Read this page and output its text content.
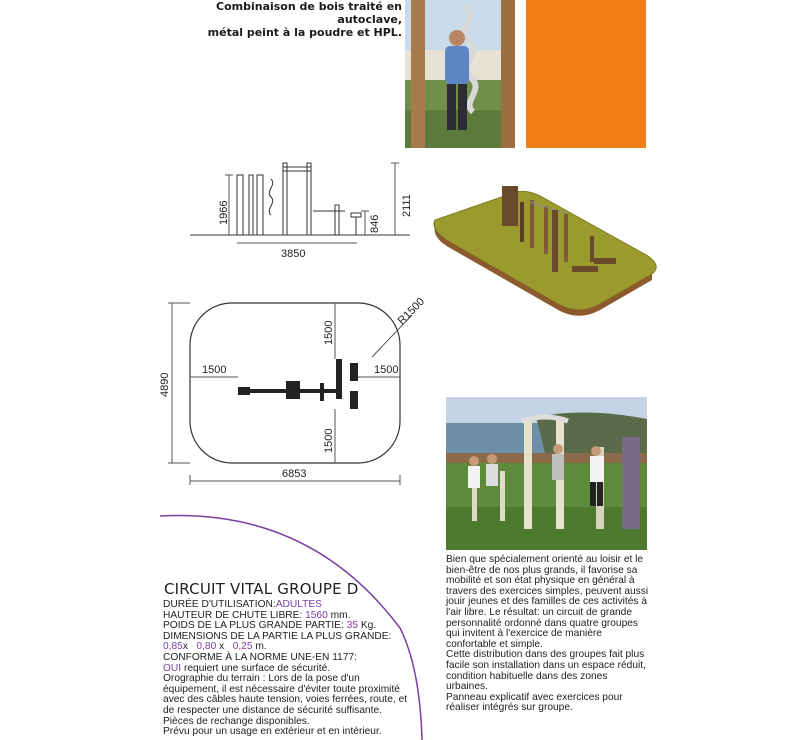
Combinaison de bois traité en autoclave,
métal peint à la poudre et HPL.
1966	2111
846
3850
R1500
1500
1500	1500
1500
4890
6853
CIRCUIT VITAL GROUPE D
DURÉE D'UTILISATION:ADULTES
HAUTEUR DE CHUTE LIBRE: 1560 mm.
POIDS DE LA PLUS GRANDE PARTIE: 35 Kg.
DIMENSIONS DE LA PARTIE LA PLUS GRANDE:
0,85x 0,80 x 0,25 m.
CONFORME À LA NORME UNE-EN 1177:
OUI requiert une surface de sécurité.
Orographie du terrain : Lors de la pose d'un
équipement, il est nécessaire d'éviter toute proximité
avec des câbles haute tension, voies ferrées, route, et
de respecter une distance de sécurité suffisante.
Pièces de rechange disponibles.
Prévu pour un usage en extérieur et en intérieur.
Bien que spécialement orienté au loisir et le
bien-être de nos plus grands, il favorise sa
mobilité et son état physique en général à
travers des exercices simples, peuvent aussi
jouir jeunes et des familles de ces activités à
l'air libre. Le résultat: un circuit de grande
personnalité ordonné dans quatre groupes
qui invitent à l'exercice de manière
confortable et simple.
Cette distribution dans des groupes fait plus
facile son installation dans un espace réduit,
condition habituelle dans des zones
urbaines.
Panneau explicatif avec exercices pour
réaliser intégrés sur groupe.
